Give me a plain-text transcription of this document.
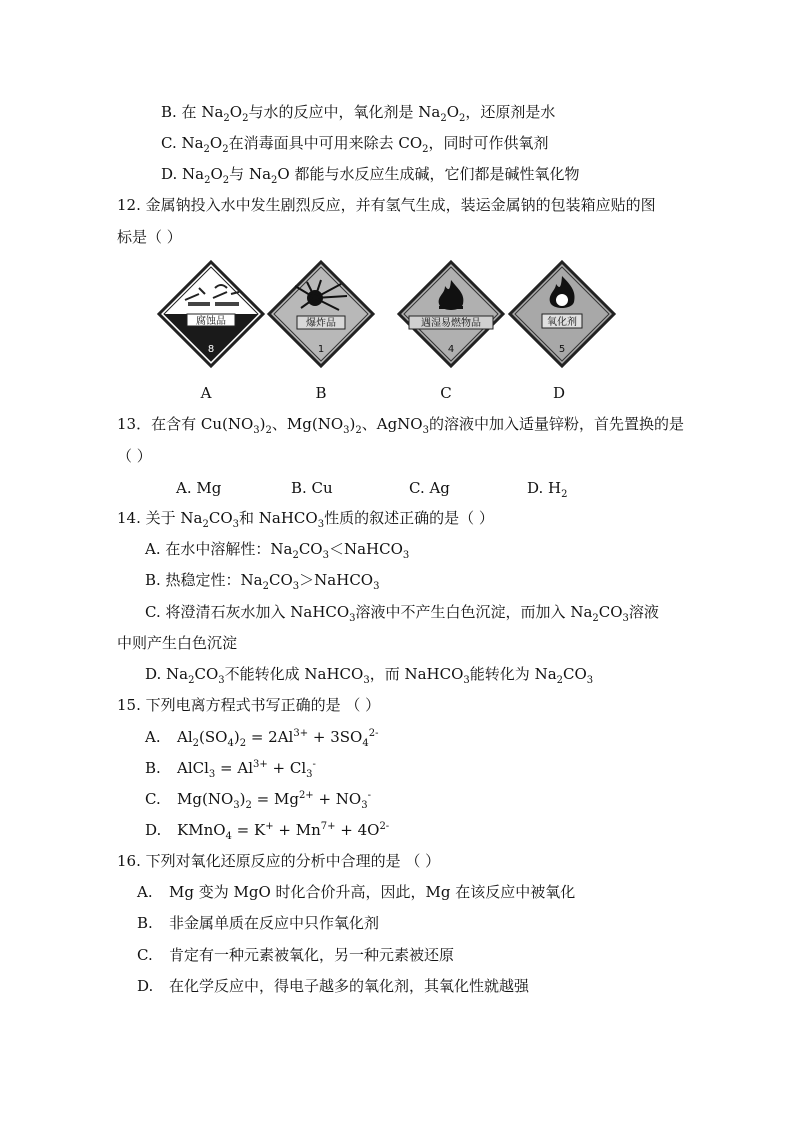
B. 在 $Na_2O_2$与水的反应中，氧化剂是 $Na_2O_2$，还原剂是水
C. $Na_2O_2$在消毒面具中可用来除去 $CO_2$，同时可作供氧剂
D. $Na_2O_2$与 $Na_2O$ 都能与水反应生成碱，它们都是碱性氧化物
12. 金属钠投入水中发生剧烈反应，并有氢气生成，装运金属钠的包装箱应贴的图
标是（ ）
腐蚀品
8
爆炸品
1
遇湿易燃物品
4
氧化剂
5
A	B	C	D
13．在含有 $Cu(NO_3)_2$、$Mg(NO_3)_2$、AgNO$_3$的溶液中加入适量锌粉，首先置换的是
（ ）
A. Mg	B. Cu	C. Ag	D. $H_2$
14. 关于 $Na_2CO_3$和 NaHCO$_3$性质的叙述正确的是（ ）
A. 在水中溶解性：$Na_2CO_3<NaHCO_3$
B. 热稳定性：$Na_2CO_3>NaHCO_3$
C. 将澄清石灰水加入 NaHCO$_3$溶液中不产生白色沉淀，而加入 $Na_2CO_3$溶液
中则产生白色沉淀
D. $Na_2CO_3$不能转化成 NaHCO$_3$，而 NaHCO$_3$能转化为 $Na_2CO_3$
15. 下列电离方程式书写正确的是 （ ）
A. $Al_2(SO_4)_2 = 2Al^{3+} + 3SO_4^{2-}$
B. AlCl$_3$ = $Al^{3+} + Cl_3^-$
C. $Mg(NO_3)_2 = Mg^{2+} + NO_3^-$
D. KMnO$_4$ = $K^+ + Mn^{7+} + 4O^{2-}$
16. 下列对氧化还原反应的分析中合理的是 （ ）
A. Mg 变为 MgO 时化合价升高，因此，Mg 在该反应中被氧化
B. 非金属单质在反应中只作氧化剂
C. 肯定有一种元素被氧化，另一种元素被还原
D. 在化学反应中，得电子越多的氧化剂，其氧化性就越强
